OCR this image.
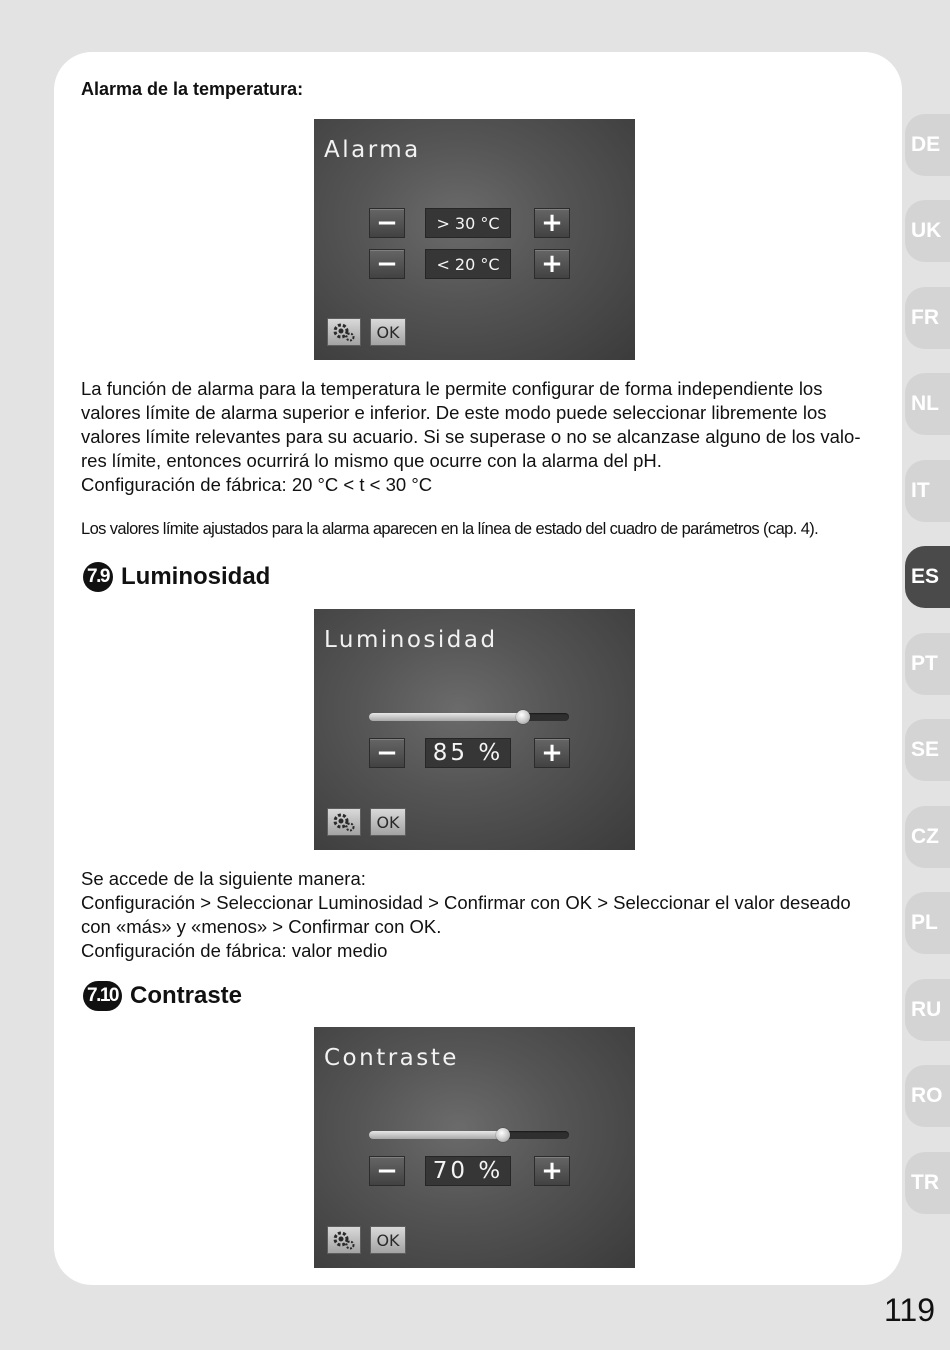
Alarma de la temperatura:
Alarma
−	> 30 °C	+
−	< 20 °C	+
OK
La función de alarma para la temperatura le permite configurar de forma independiente los
valores límite de alarma superior e inferior. De este modo puede seleccionar libremente los
valores límite relevantes para su acuario. Si se superase o no se alcanzase alguno de los valo-
res límite, entonces ocurrirá lo mismo que ocurre con la alarma del pH.
Configuración de fábrica: 20 °C < t < 30 °C
Los valores límite ajustados para la alarma aparecen en la línea de estado del cuadro de parámetros (cap. 4).
7.9 Luminosidad
Luminosidad
−	85 % +
OK
Se accede de la siguiente manera:
Configuración > Seleccionar Luminosidad > Confirmar con OK > Seleccionar el valor deseado
con «más» y «menos» > Confirmar con OK.
Configuración de fábrica: valor medio
7.10 Contraste
Contraste
−	70 % +
OK
DE
UK
FR
NL
IT
ES
PT
SE
CZ
PL
RU
RO
TR
119
